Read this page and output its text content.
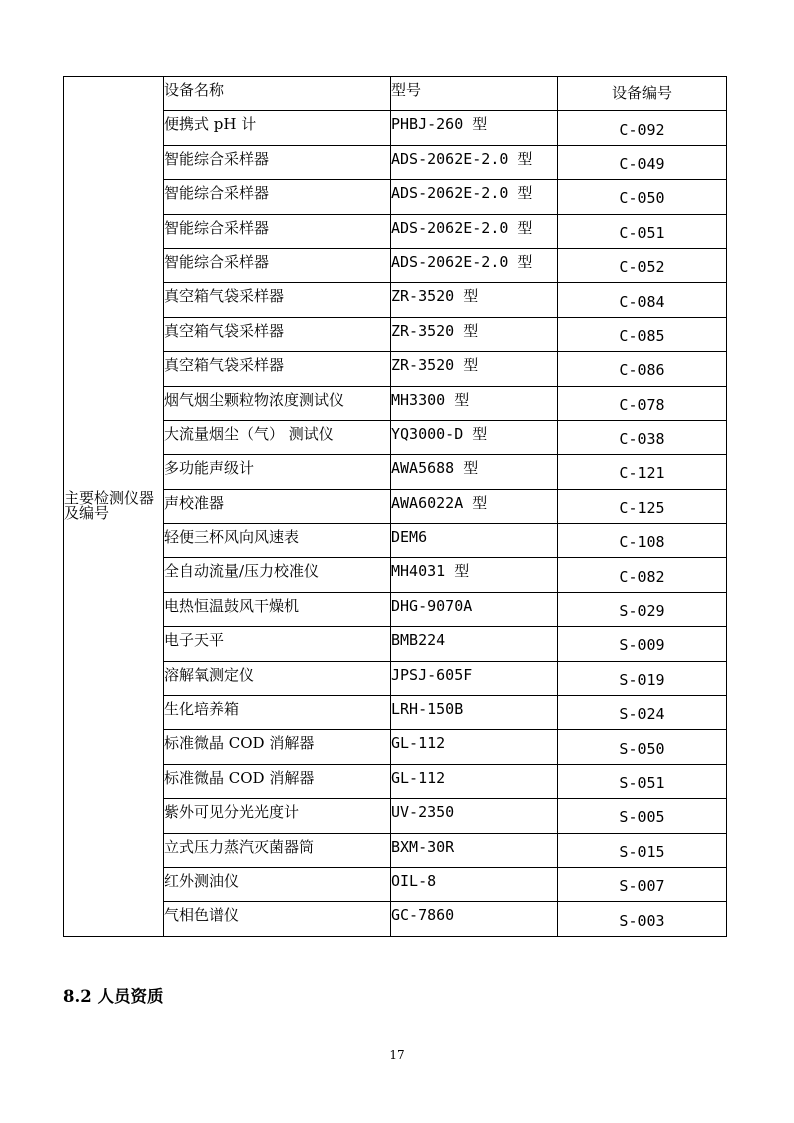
主要检测仪器及编号	设备名称	型号	设备编号
	便携式 pH 计	PHBJ-260 型	C-092
	智能综合采样器	ADS-2062E-2.0 型	C-049
	智能综合采样器	ADS-2062E-2.0 型	C-050
	智能综合采样器	ADS-2062E-2.0 型	C-051
	智能综合采样器	ADS-2062E-2.0 型	C-052
	真空箱气袋采样器	ZR-3520 型	C-084
	真空箱气袋采样器	ZR-3520 型	C-085
	真空箱气袋采样器	ZR-3520 型	C-086
	烟气烟尘颗粒物浓度测试仪	MH3300 型	C-078
	大流量烟尘（气） 测试仪	YQ3000-D 型	C-038
	多功能声级计	AWA5688 型	C-121
	声校准器	AWA6022A 型	C-125
	轻便三杯风向风速表	DEM6	C-108
	全自动流量/压力校准仪	MH4031 型	C-082
	电热恒温鼓风干燥机	DHG-9070A	S-029
	电子天平	BMB224	S-009
	溶解氧测定仪	JPSJ-605F	S-019
	生化培养箱	LRH-150B	S-024
	标准微晶 COD 消解器	GL-112	S-050
	标准微晶 COD 消解器	GL-112	S-051
	紫外可见分光光度计	UV-2350	S-005
	立式压力蒸汽灭菌器筒	BXM-30R	S-015
	红外测油仪	OIL-8	S-007
	气相色谱仪	GC-7860	S-003
8.2 人员资质
17
